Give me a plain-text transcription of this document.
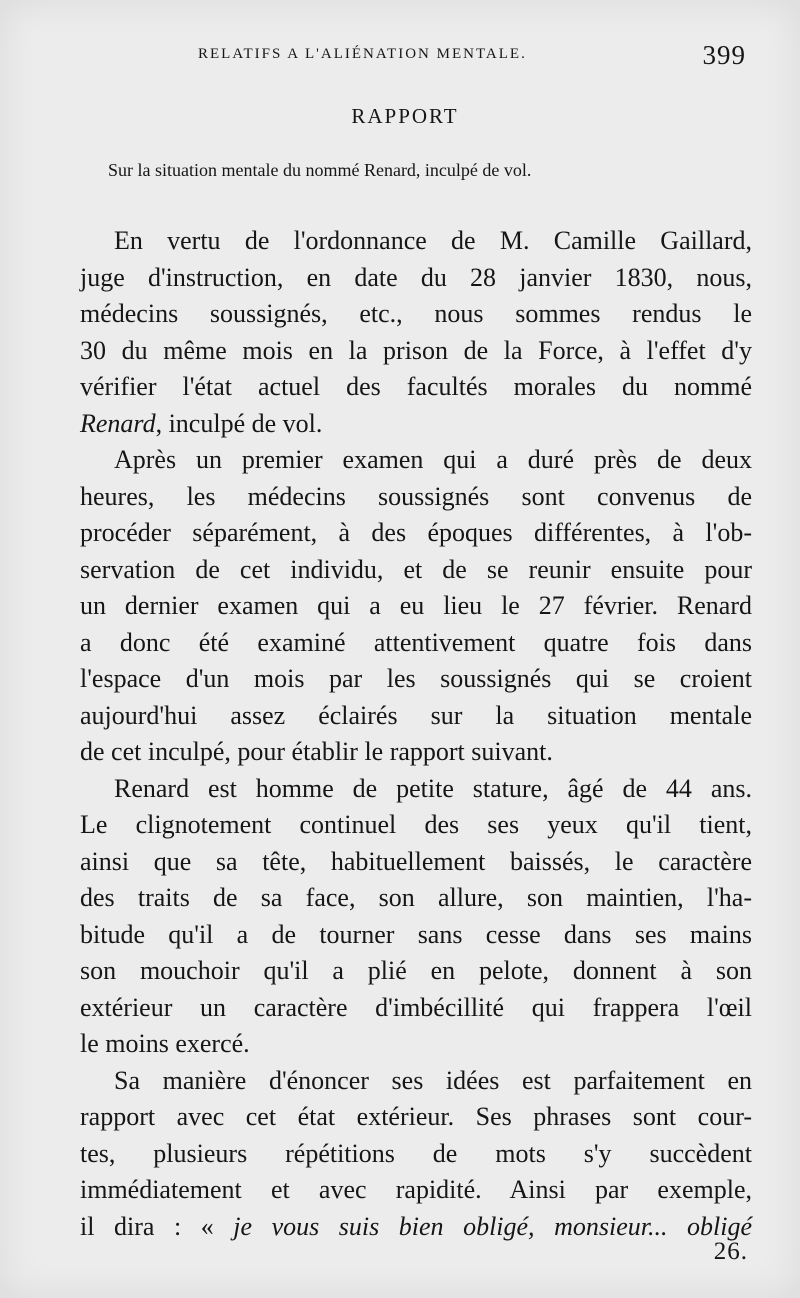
RELATIFS A L'ALIÉNATION MENTALE.	399
RAPPORT
Sur la situation mentale du nommé Renard, inculpé de vol.
En vertu de l'ordonnance de M. Camille Gaillard,
juge d'instruction, en date du 28 janvier 1830, nous,
médecins soussignés, etc., nous sommes rendus le
30 du même mois en la prison de la Force, à l'effet d'y
vérifier l'état actuel des facultés morales du nommé
Renard, inculpé de vol.
Après un premier examen qui a duré près de deux
heures, les médecins soussignés sont convenus de
procéder séparément, à des époques différentes, à l'ob-
servation de cet individu, et de se reunir ensuite pour
un dernier examen qui a eu lieu le 27 février. Renard
a donc été examiné attentivement quatre fois dans
l'espace d'un mois par les soussignés qui se croient
aujourd'hui assez éclairés sur la situation mentale
de cet inculpé, pour établir le rapport suivant.
Renard est homme de petite stature, âgé de 44 ans.
Le clignotement continuel des ses yeux qu'il tient,
ainsi que sa tête, habituellement baissés, le caractère
des traits de sa face, son allure, son maintien, l'ha-
bitude qu'il a de tourner sans cesse dans ses mains
son mouchoir qu'il a plié en pelote, donnent à son
extérieur un caractère d'imbécillité qui frappera l'œil
le moins exercé.
Sa manière d'énoncer ses idées est parfaitement en
rapport avec cet état extérieur. Ses phrases sont cour-
tes, plusieurs répétitions de mots s'y succèdent
immédiatement et avec rapidité. Ainsi par exemple,
il dira : « je vous suis bien obligé, monsieur... obligé
26.
